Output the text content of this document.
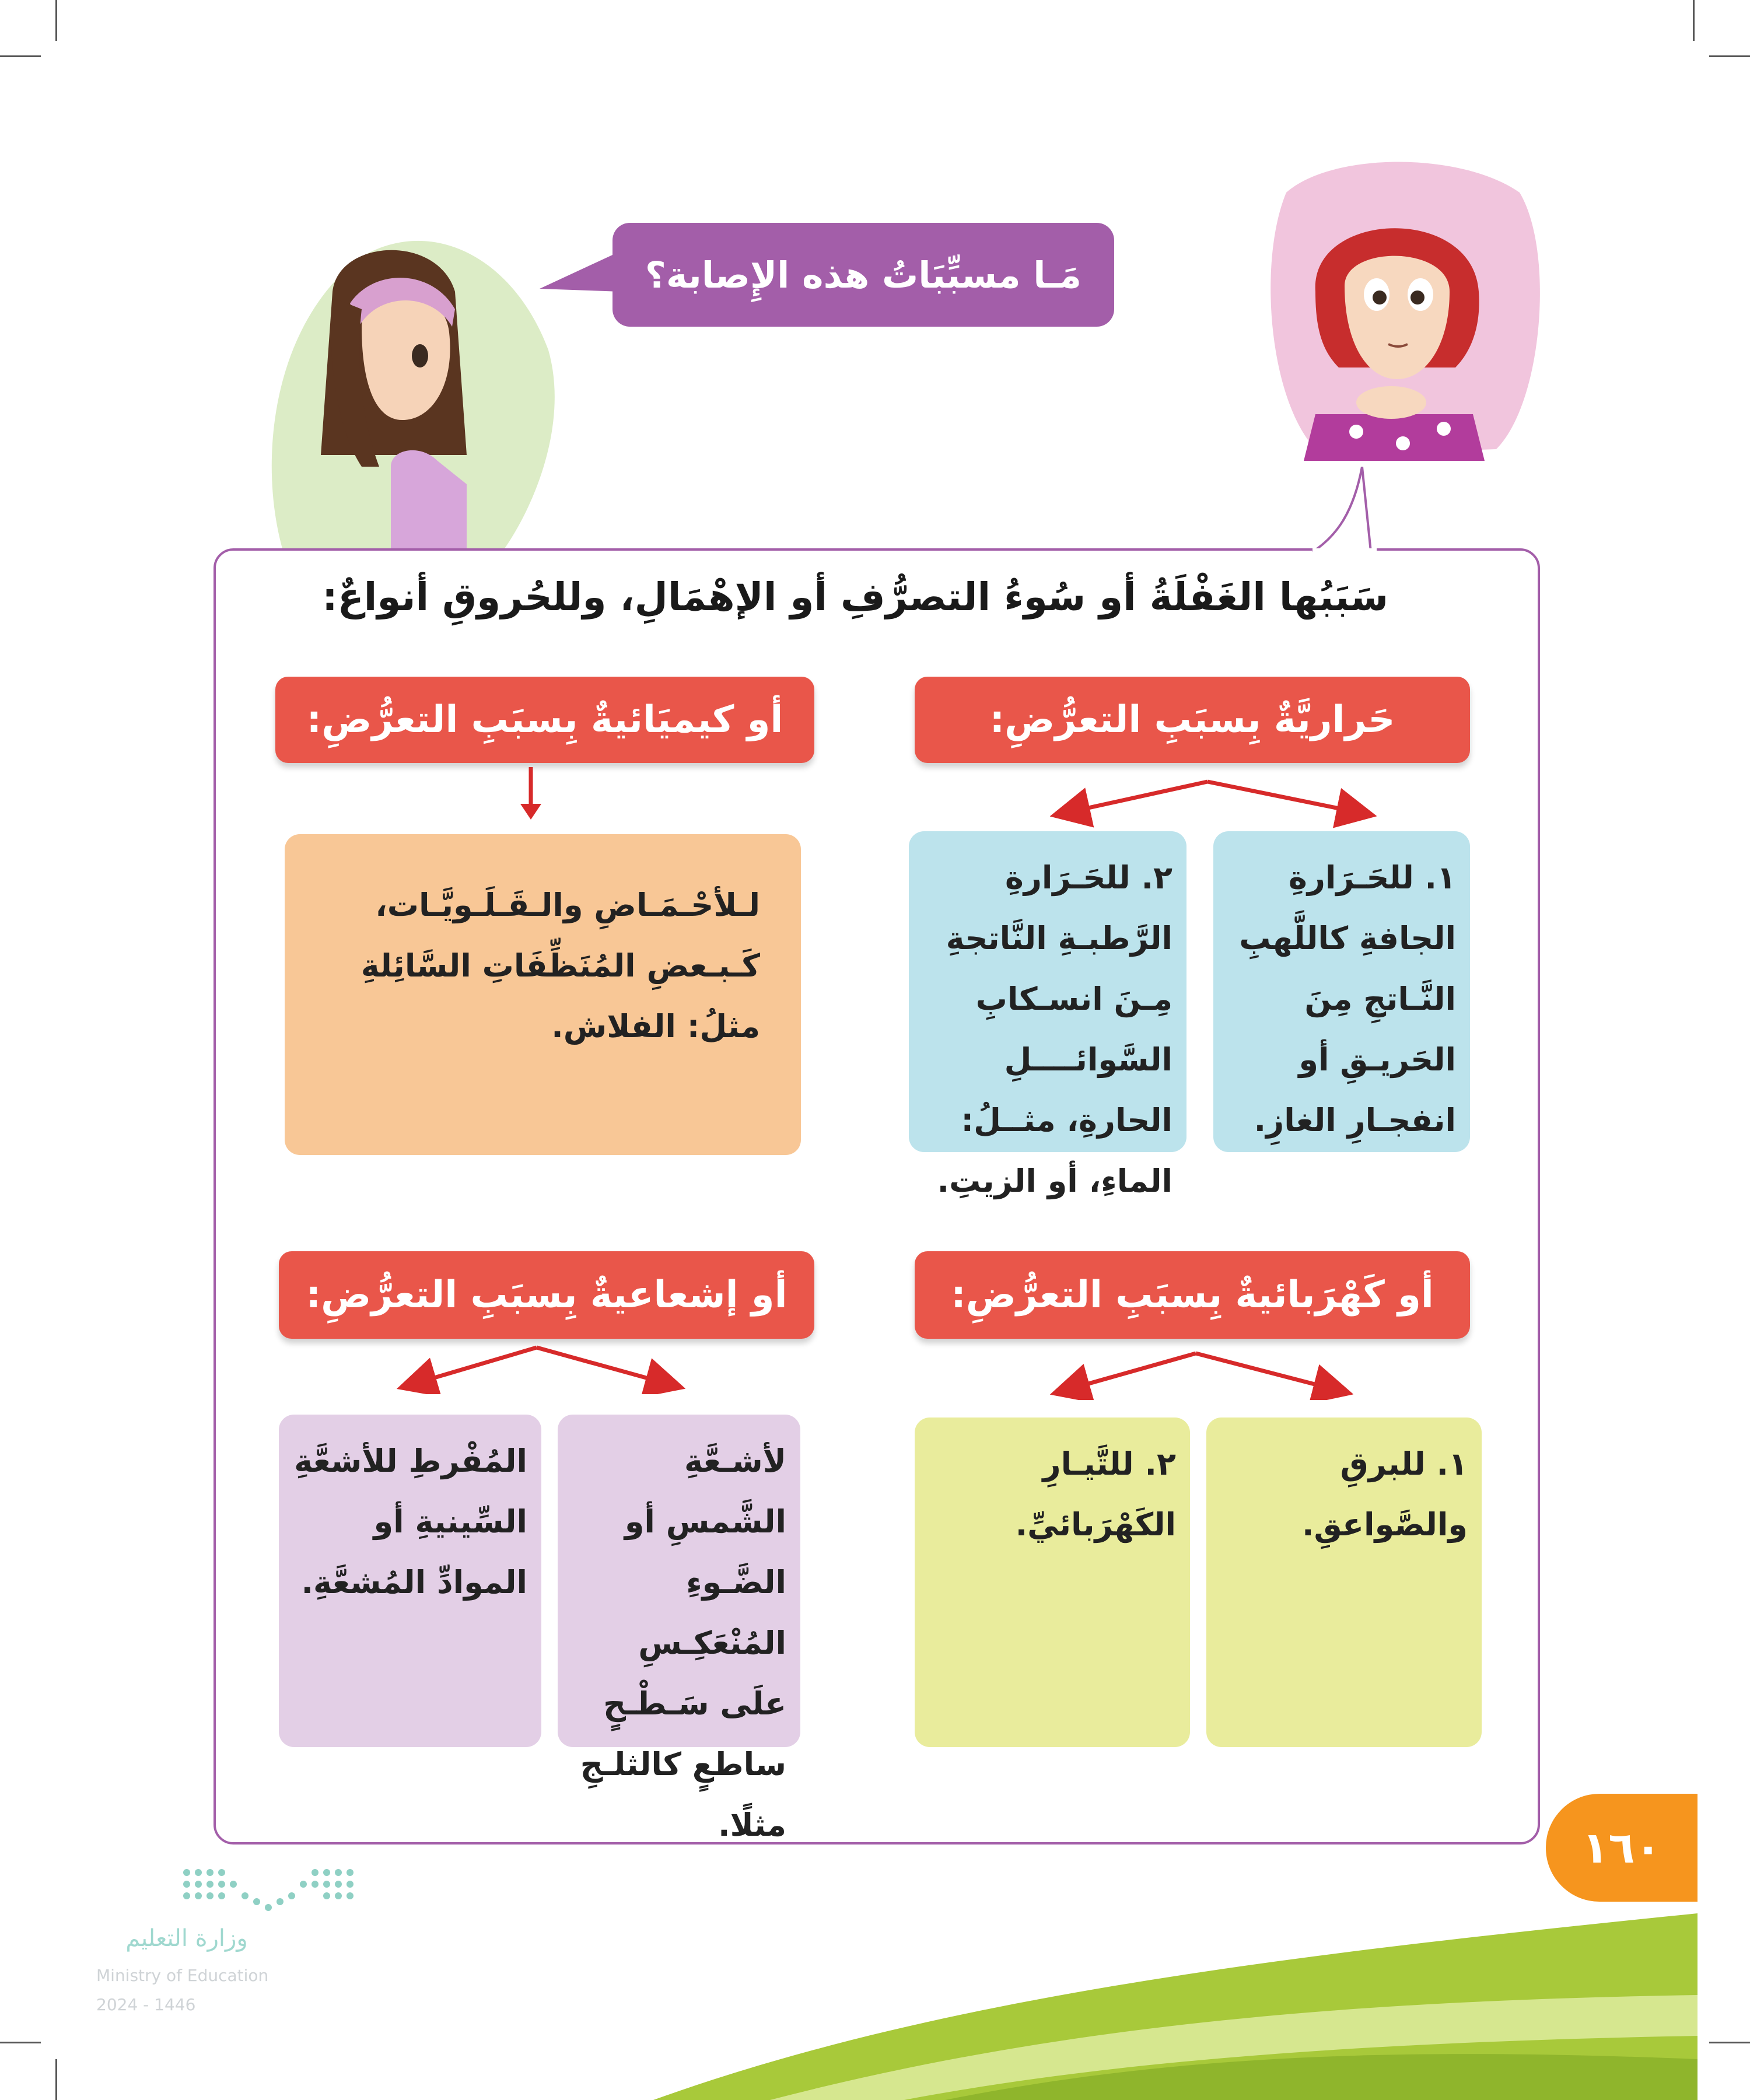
مَـا مسبِّبَاتُ هذه الإِصابة؟
سَبَبُها الغَفْلَةُ أو سُوءُ التصرُّفِ أو الإهْمَالِ، وللحُروقِ أنواعٌ:
حَراريَّةٌ بِسبَبِ التعرُّضِ:
١. للحَـرَارةِ الجافةِ كاللَّهبِ النَّـاتجِ مِنَ الحَريـقِ أو انفجـارِ الغازِ.
٢. للحَـرَارةِ الرَّطبـةِ النَّاتجةِ مِـنَ انسـكابِ السَّوائــــلِ الحارةِ، مثــلُ: الماءِ، أو الزيتِ.
أو كيميَائيةٌ بِسبَبِ التعرُّضِ:
لـلأحْـمَـاضِ والـقَـلَـويَّـات، كَـبـعضِ المُنَظِّفَاتِ السَّائِلةِ مثلُ: الفلاش.
أو كَهْرَبائيةٌ بِسبَبِ التعرُّضِ:
١. للبرقِ والصَّواعقِ.
٢. للتَّيـارِ الكَهْرَبائيِّ.
أو إشعاعيةٌ بِسبَبِ التعرُّضِ:
لأشـعَّةِ الشَّمسِ أو الضَّـوءِ المُنْعَكِـسِ علَى سَـطْـحٍ ساطعٍ كالثلـجِ مثلًا.
المُفْرطِ للأشعَّةِ السِّينيةِ أو الموادِّ المُشعَّةِ.
١٦٠
وزارة التعليم
Ministry of Education
2024 - 1446
